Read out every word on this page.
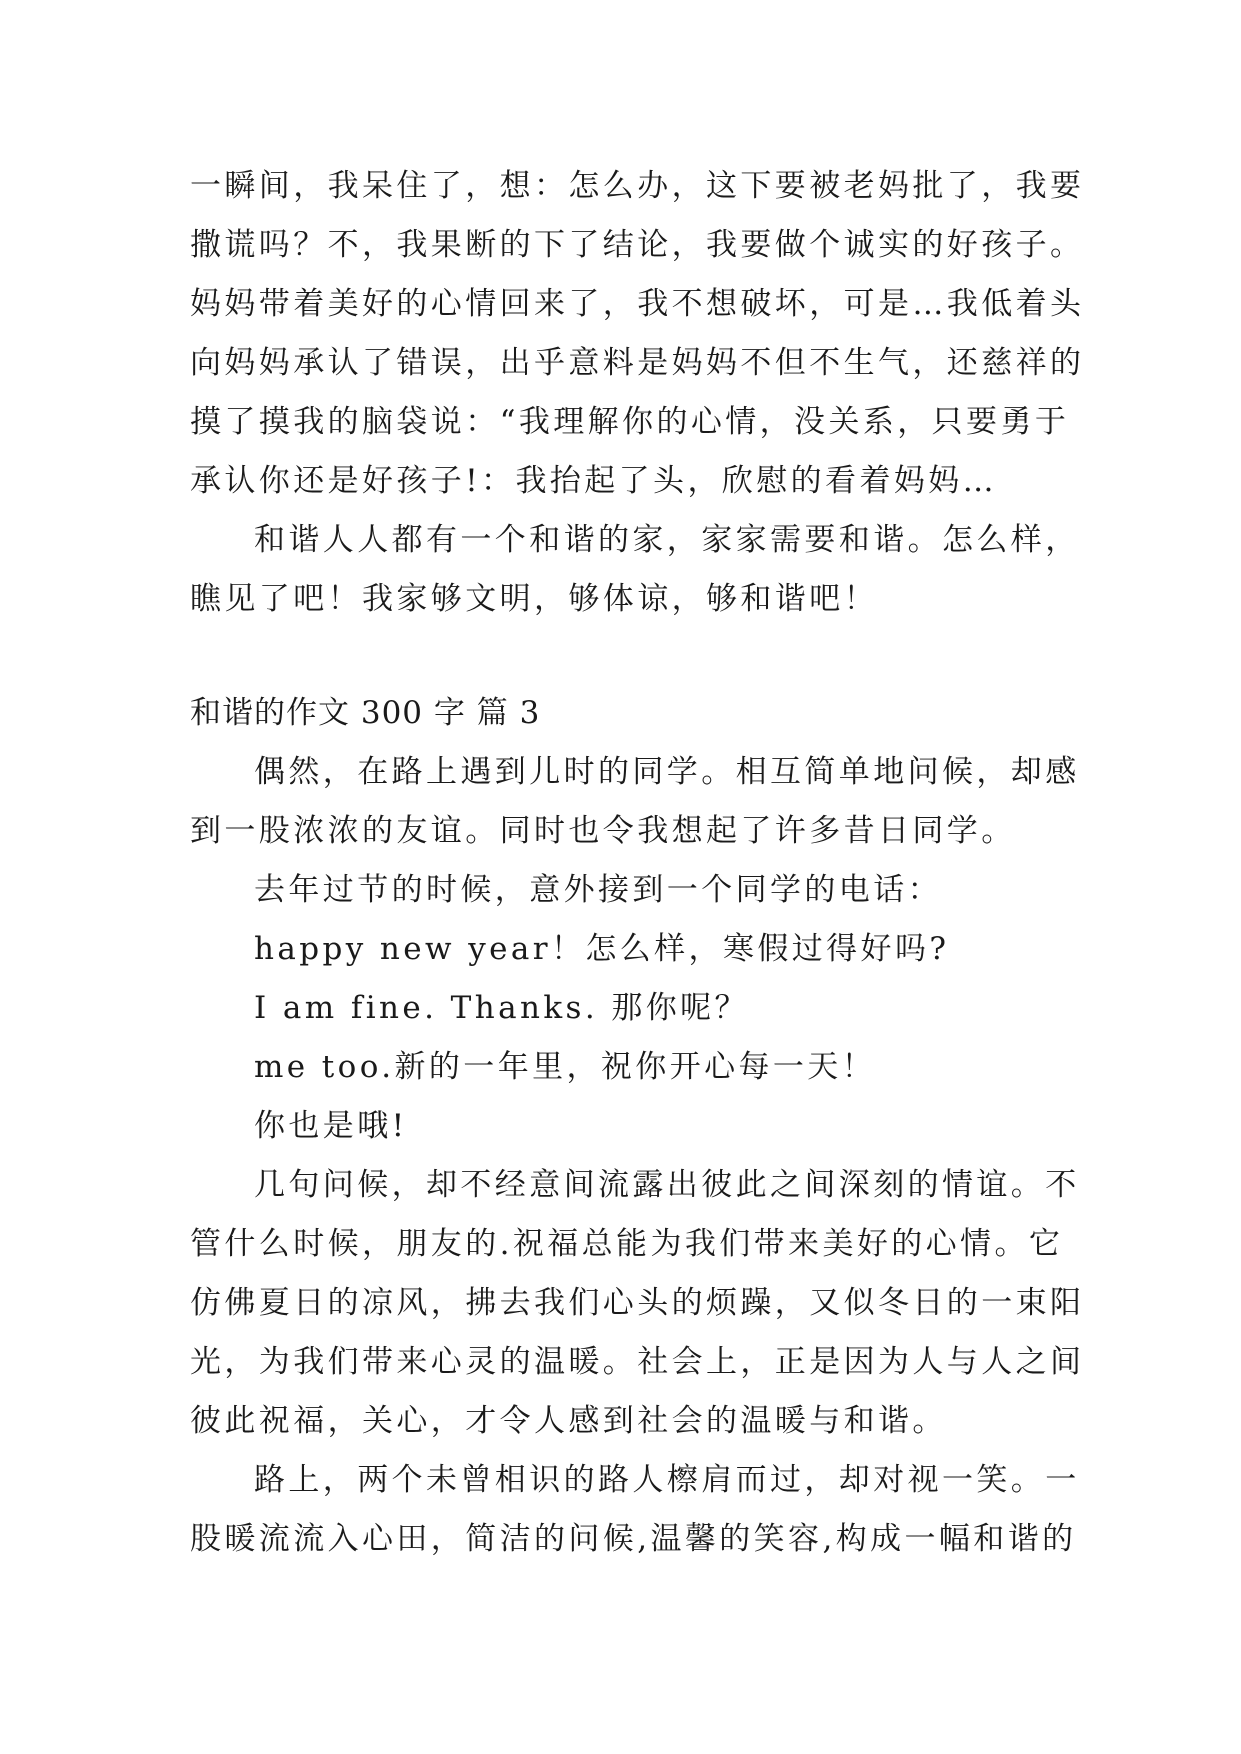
一瞬间，我呆住了，想：怎么办，这下要被老妈批了，我要
撒谎吗？不，我果断的下了结论，我要做个诚实的好孩子。
妈妈带着美好的心情回来了，我不想破坏，可是…我低着头
向妈妈承认了错误，出乎意料是妈妈不但不生气，还慈祥的
摸了摸我的脑袋说：“我理解你的心情，没关系，只要勇于
承认你还是好孩子!：我抬起了头，欣慰的看着妈妈…
和谐人人都有一个和谐的家，家家需要和谐。怎么样，
瞧见了吧！我家够文明，够体谅，够和谐吧！
和谐的作文 300 字 篇 3
偶然，在路上遇到儿时的同学。相互简单地问候，却感
到一股浓浓的友谊。同时也令我想起了许多昔日同学。
去年过节的时候，意外接到一个同学的电话：
happy new year！怎么样，寒假过得好吗?
I am fine. Thanks. 那你呢？
me too.新的一年里，祝你开心每一天！
你也是哦!
几句问候，却不经意间流露出彼此之间深刻的情谊。不
管什么时候，朋友的.祝福总能为我们带来美好的心情。它
仿佛夏日的凉风，拂去我们心头的烦躁，又似冬日的一束阳
光，为我们带来心灵的温暖。社会上，正是因为人与人之间
彼此祝福，关心，才令人感到社会的温暖与和谐。
路上，两个未曾相识的路人檫肩而过，却对视一笑。一
股暖流流入心田，简洁的问候,温馨的笑容,构成一幅和谐的
